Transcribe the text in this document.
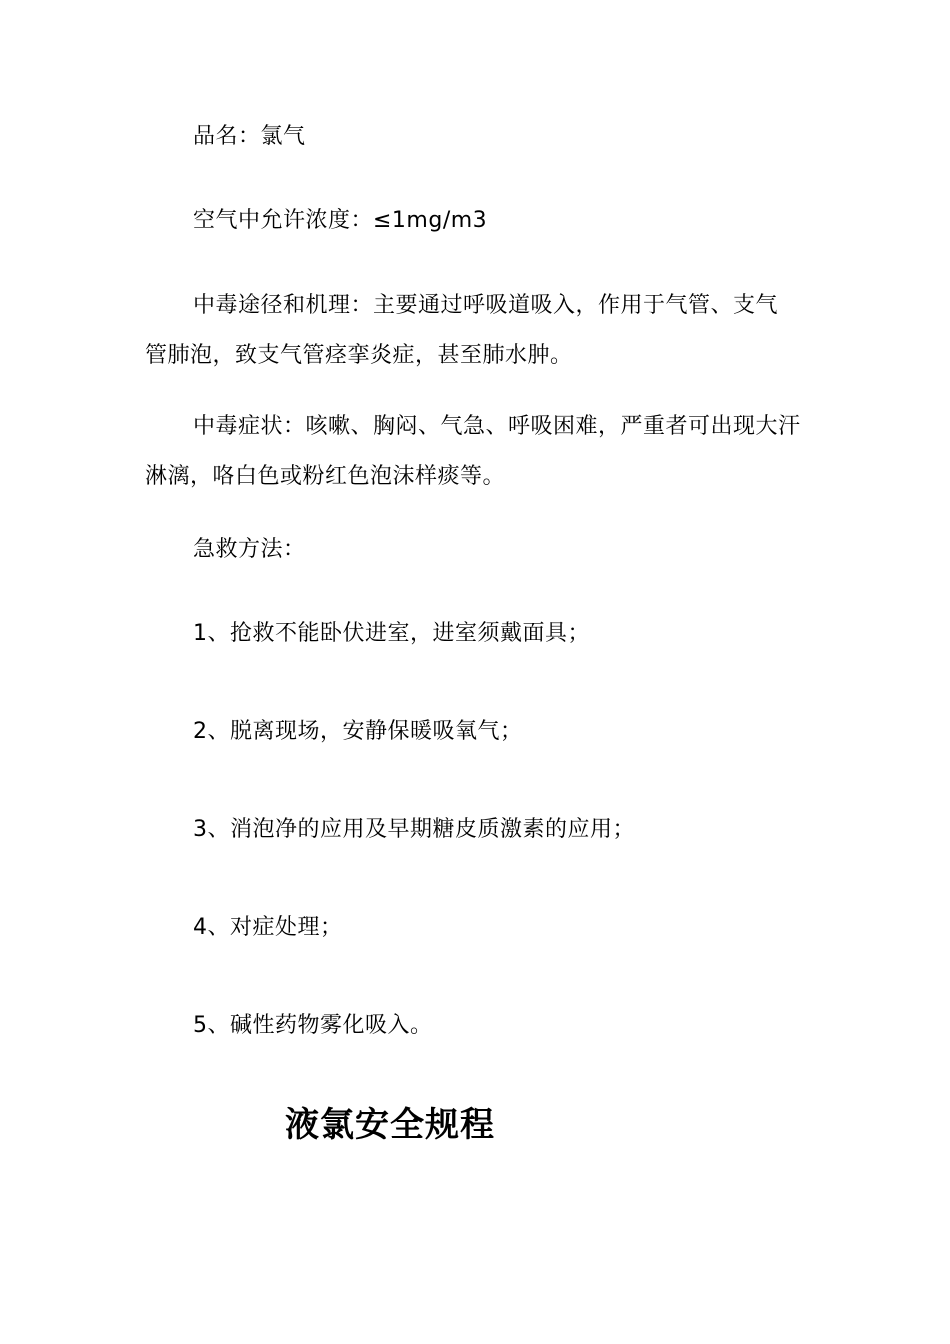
品名：氯气
空气中允许浓度：≤1mg/m3
中毒途径和机理：主要通过呼吸道吸入，作用于气管、支气
管肺泡，致支气管痉挛炎症，甚至肺水肿。
中毒症状：咳嗽、胸闷、气急、呼吸困难，严重者可出现大汗
淋漓，咯白色或粉红色泡沫样痰等。
急救方法：
1、抢救不能卧伏进室，进室须戴面具；
2、脱离现场，安静保暖吸氧气；
3、消泡净的应用及早期糖皮质激素的应用；
4、对症处理；
5、碱性药物雾化吸入。
液氯安全规程
